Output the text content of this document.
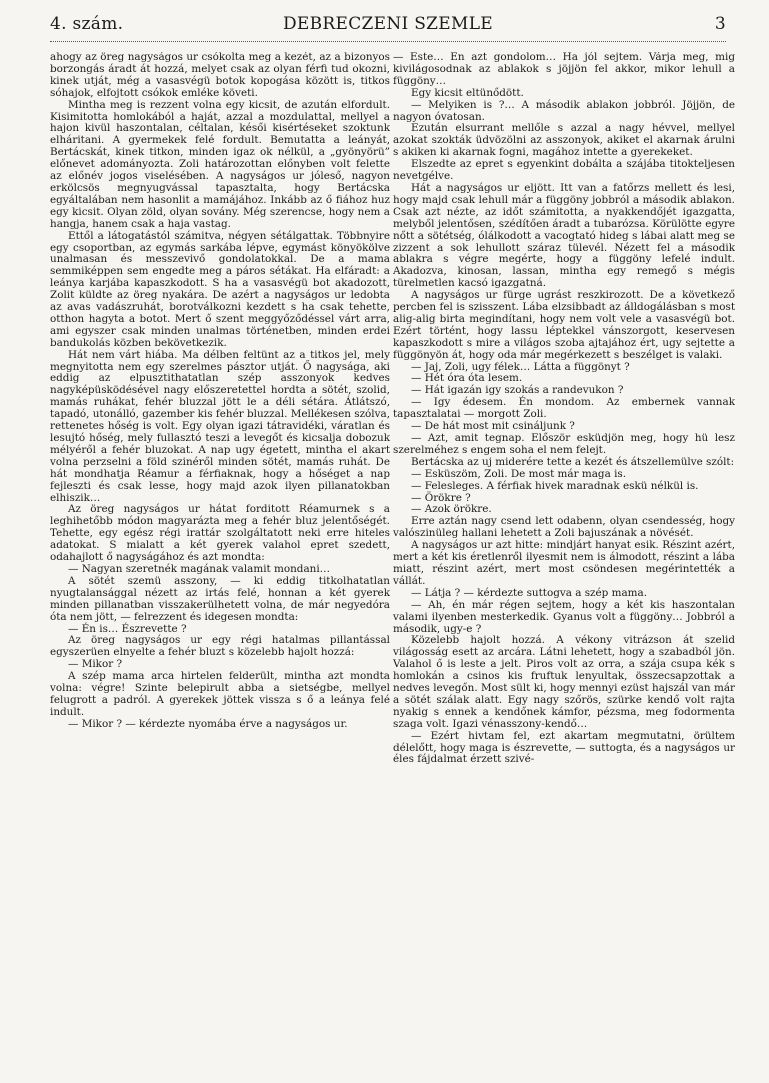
4. szám.	DEBRECZENI SZEMLE	3

ahogy az öreg nagyságos ur csókolta meg a kezét, az a bizonyos borzongás áradt át hozzá, melyet csak az olyan férfi tud okozni, kinek utját, még a vasasvégü botok kopogása között is, titkos sóhajok, elfojtott csókok emléke követi.

Mintha meg is rezzent volna egy kicsit, de azután elfordult. Kisimitotta homlokából a haját, azzal a mozdulattal, mellyel a hajon kivül haszontalan, céltalan, késői kisértéseket szoktunk elháritani. A gyermekek felé fordult. Bemutatta a leányát, Bertácskát, kinek titkon, minden igaz ok nélkül, a „gyönyörü” előnevet adományozta. Zoli határozottan előnyben volt felette az előnév jogos viselésében. A nagyságos ur jóleső, nagyon erkölcsös megnyugvással tapasztalta, hogy Bertácska egyáltalában nem hasonlit a mamájához. Inkább az ő fiához huz egy kicsit. Olyan zöld, olyan sovány. Még szerencse, hogy nem a hangja, hanem csak a haja vastag.

Ettől a látogatástól számitva, négyen sétálgattak. Többnyire egy csoportban, az egymás sarkába lépve, egymást könyökölve unalmasan és messzevivő gondolatokkal. De a mama semmiképpen sem engedte meg a páros sétákat. Ha elfáradt: a leánya karjába kapaszkodott. S ha a vasasvégü bot akadozott, Zolit küldte az öreg nyakára. De azért a nagyságos ur ledobta az avas vadászruhát, borotválkozni kezdett s ha csak tehette, otthon hagyta a botot. Mert ő szent meggyőződéssel várt arra, ami egyszer csak minden unalmas történetben, minden erdei bandukolás közben bekövetkezik.

Hát nem várt hiába. Ma délben feltünt az a titkos jel, mely megnyitotta nem egy szerelmes pásztor utját. Ő nagysága, aki eddig az elpusztithatatlan szép asszonyok kedves nagyképüsködésével nagy előszeretettel hordta a sötét, szolid, mamás ruhákat, fehér bluzzal jött le a déli sétára. Átlátszó, tapadó, utonálló, gazember kis fehér bluzzal. Mellékesen szólva, rettenetes hőség is volt. Egy olyan igazi tátravidéki, váratlan és lesujtó hőség, mely fullasztó teszi a levegőt és kicsalja dobozuk mélyéről a fehér bluzokat. A nap ugy égetett, mintha el akart volna perzselni a föld szinéről minden sötét, mamás ruhát. De hát mondhatja Réamur a férfiaknak, hogy a hőséget a nap fejleszti és csak lesse, hogy majd azok ilyen pillanatokban elhiszik…

Az öreg nagyságos ur hátat forditott Réamurnek s a leghihetőbb módon magyarázta meg a fehér bluz jelentőségét. Tehette, egy egész régi irattár szolgáltatott neki erre hiteles adatokat. S mialatt a két gyerek valahol epret szedett, odahajlott ő nagyságához és azt mondta:

— Nagyan szeretnék magának valamit mondani…

A sötét szemü asszony, — ki eddig titkolhatatlan nyugtalansággal nézett az irtás felé, honnan a két gyerek minden pillanatban visszakerülhetett volna, de már negyedóra óta nem jött, — felrezzent és idegesen mondta:

— Én is… Észrevette ?

Az öreg nagyságos ur egy régi hatalmas pillantással egyszerüen elnyelte a fehér bluzt s közelebb hajolt hozzá:

— Mikor ?

A szép mama arca hirtelen felderült, mintha azt mondta volna: végre! Szinte belepirult abba a sietségbe, mellyel felugrott a padról. A gyerekek jöttek vissza s ő a leánya felé indult.

— Mikor ? — kérdezte nyomába érve a nagyságos ur.

— Este… Én azt gondolom… Ha jól sejtem. Várja meg, mig kivilágosodnak az ablakok s jöjjön fel akkor, mikor lehull a függöny…

Egy kicsit eltünődött.

— Melyiken is ?… A második ablakon jobbról. Jöjjön, de nagyon óvatosan.

Ezután elsurrant mellőle s azzal a nagy hévvel, mellyel azokat szokták üdvözölni az asszonyok, akiket el akarnak árulni s akiken ki akarnak fogni, magához intette a gyerekeket.

Elszedte az epret s egyenkint dobálta a szájába titokteljesen nevetgélve.

Hát a nagyságos ur eljött. Itt van a fatőrzs mellett és lesi, hogy majd csak lehull már a függöny jobbról a második ablakon. Csak azt nézte, az időt számitotta, a nyakkendőjét igazgatta, melyből jelentősen, szédítően áradt a tubarózsa. Körülötte egyre nőtt a sötétség, ólálkodott a vacogtató hideg s lábai alatt meg se zizzent a sok lehullott száraz tülevél. Nézett fel a második ablakra s végre megérte, hogy a függöny lefelé indult. Akadozva, kinosan, lassan, mintha egy remegő s mégis türelmetlen kacsó igazgatná.

A nagyságos ur fürge ugrást reszkirozott. De a következő percben fel is szisszent. Lába elzsibbadt az álldogálásban s most alig-alig birta megindítani, hogy nem volt vele a vasasvégü bot. Ezért történt, hogy lassu léptekkel vánszorgott, keservesen kapaszkodott s mire a világos szoba ajtajához ért, ugy sejtette a függönyön át, hogy oda már megérkezett s beszélget is valaki.

— Jaj, Zoli, ugy félek… Látta a függönyt ?

— Hét óra óta lesem.

— Hát igazán igy szokás a randevukon ?

— Igy édesem. Én mondom. Az embernek vannak tapasztalatai — morgott Zoli.

— De hát most mit csináljunk ?

— Azt, amit tegnap. Először esküdjön meg, hogy hü lesz szerelméhez s engem soha el nem felejt.

Bertácska az uj miderére tette a kezét és átszellemülve szólt:

— Esküszöm, Zoli. De most már maga is.

— Felesleges. A férfiak hivek maradnak eskü nélkül is.

— Örökre ?

— Azok örökre.

Erre aztán nagy csend lett odabenn, olyan csendesség, hogy valószinüleg hallani lehetett a Zoli bajuszának a növését.

A nagyságos ur azt hitte: mindjárt hanyat esik. Részint azért, mert a két kis éretlenről ilyesmit nem is álmodott, részint a lába miatt, részint azért, mert most csöndesen megérintették a vállát.

— Látja ? — kérdezte suttogva a szép mama.

— Ah, én már régen sejtem, hogy a két kis haszontalan valami ilyenben mesterkedik. Gyanus volt a függöny… Jobbról a második, ugy-e ?

Közelebb hajolt hozzá. A vékony vitrázson át szelid világosság esett az arcára. Látni lehetett, hogy a szabadból jön. Valahol ő is leste a jelt. Piros volt az orra, a szája csupa kék s homlokán a csinos kis fruftuk lenyultak, összecsapzottak a nedves levegőn. Most sült ki, hogy mennyi ezüst hajszál van már a sötét szálak alatt. Egy nagy szőrös, szürke kendő volt rajta nyakig s ennek a kendőnek kámfor, pézsma, meg fodormenta szaga volt. Igazi vénasszony-kendő…

— Ezért hivtam fel, ezt akartam megmutatni, örültem délelőtt, hogy maga is észrevette, — suttogta, és a nagyságos ur éles fájdalmat érzett szivé-
